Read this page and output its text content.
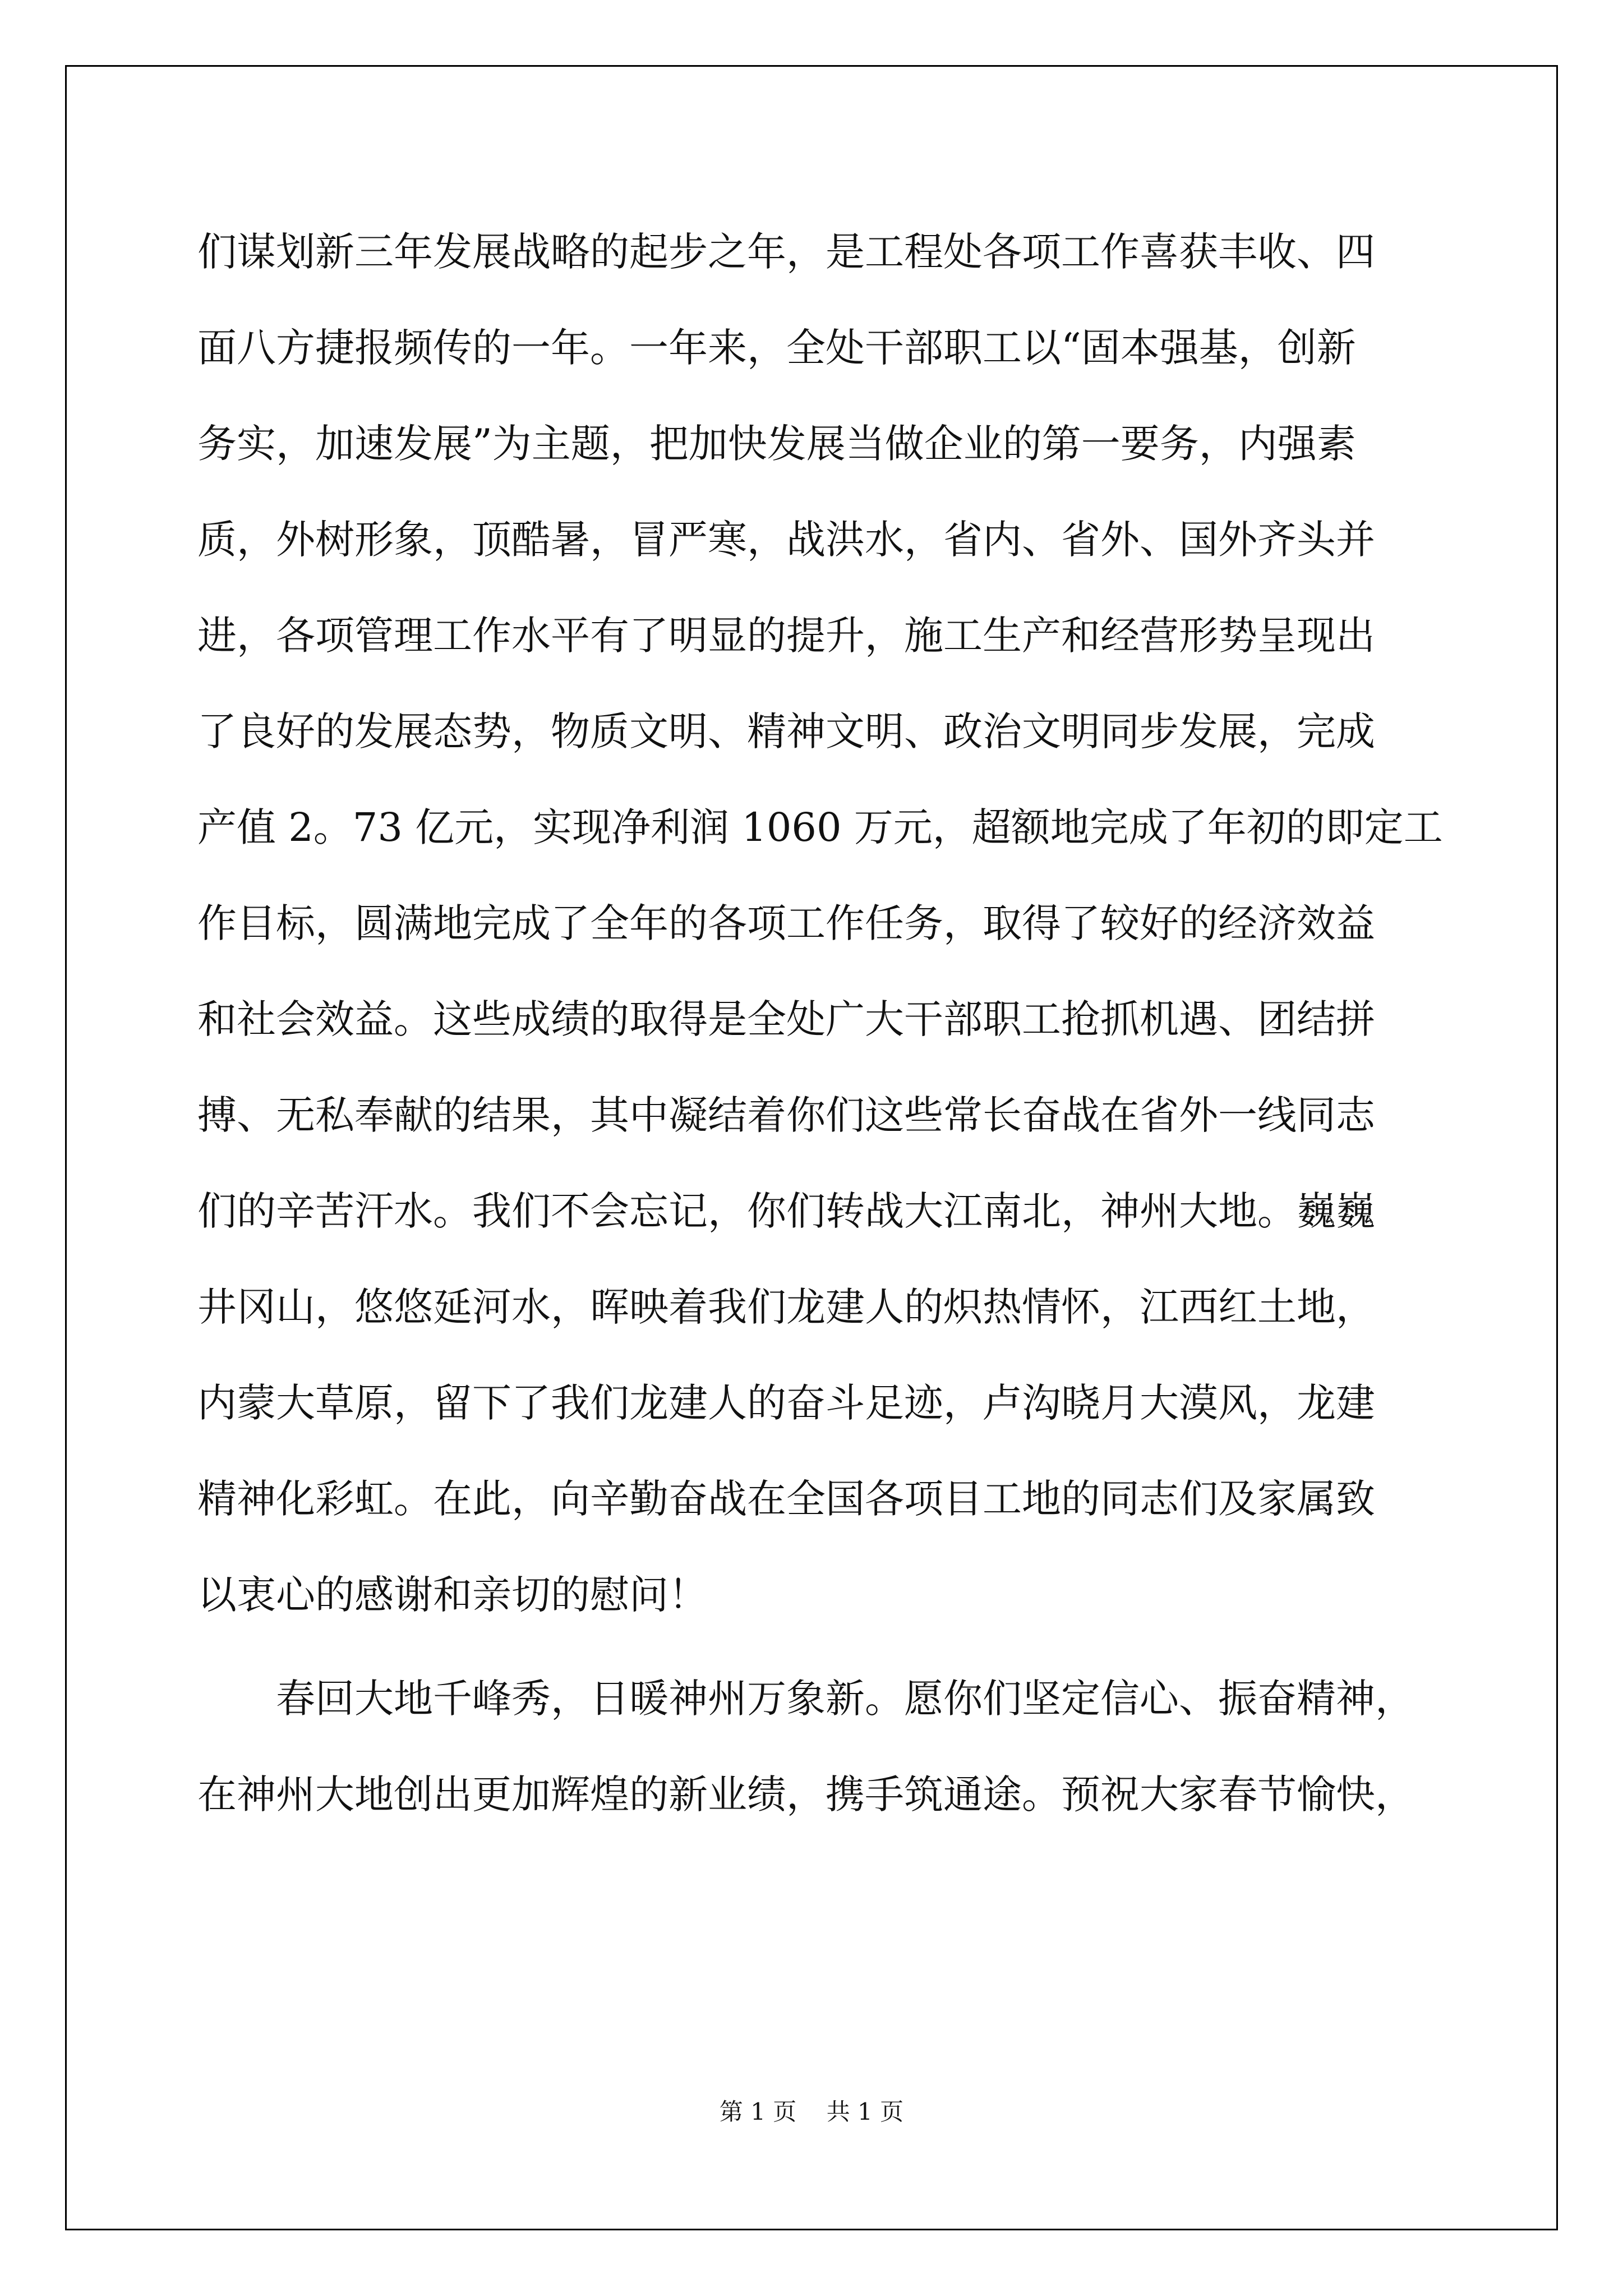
们谋划新三年发展战略的起步之年，是工程处各项工作喜获丰收、四
面八方捷报频传的一年。一年来，全处干部职工以“固本强基，创新
务实，加速发展”为主题，把加快发展当做企业的第一要务，内强素
质，外树形象，顶酷暑，冒严寒，战洪水，省内、省外、国外齐头并
进，各项管理工作水平有了明显的提升，施工生产和经营形势呈现出
了良好的发展态势，物质文明、精神文明、政治文明同步发展，完成
产值 2。73 亿元，实现净利润 1060 万元，超额地完成了年初的即定工
作目标，圆满地完成了全年的各项工作任务，取得了较好的经济效益
和社会效益。这些成绩的取得是全处广大干部职工抢抓机遇、团结拼
搏、无私奉献的结果，其中凝结着你们这些常长奋战在省外一线同志
们的辛苦汗水。我们不会忘记，你们转战大江南北，神州大地。巍巍
井冈山，悠悠延河水，晖映着我们龙建人的炽热情怀，江西红土地，
内蒙大草原，留下了我们龙建人的奋斗足迹，卢沟晓月大漠风，龙建
精神化彩虹。在此，向辛勤奋战在全国各项目工地的同志们及家属致
以衷心的感谢和亲切的慰问！
春回大地千峰秀，日暖神州万象新。愿你们坚定信心、振奋精神，
在神州大地创出更加辉煌的新业绩，携手筑通途。预祝大家春节愉快，
第 1 页    共 1 页
